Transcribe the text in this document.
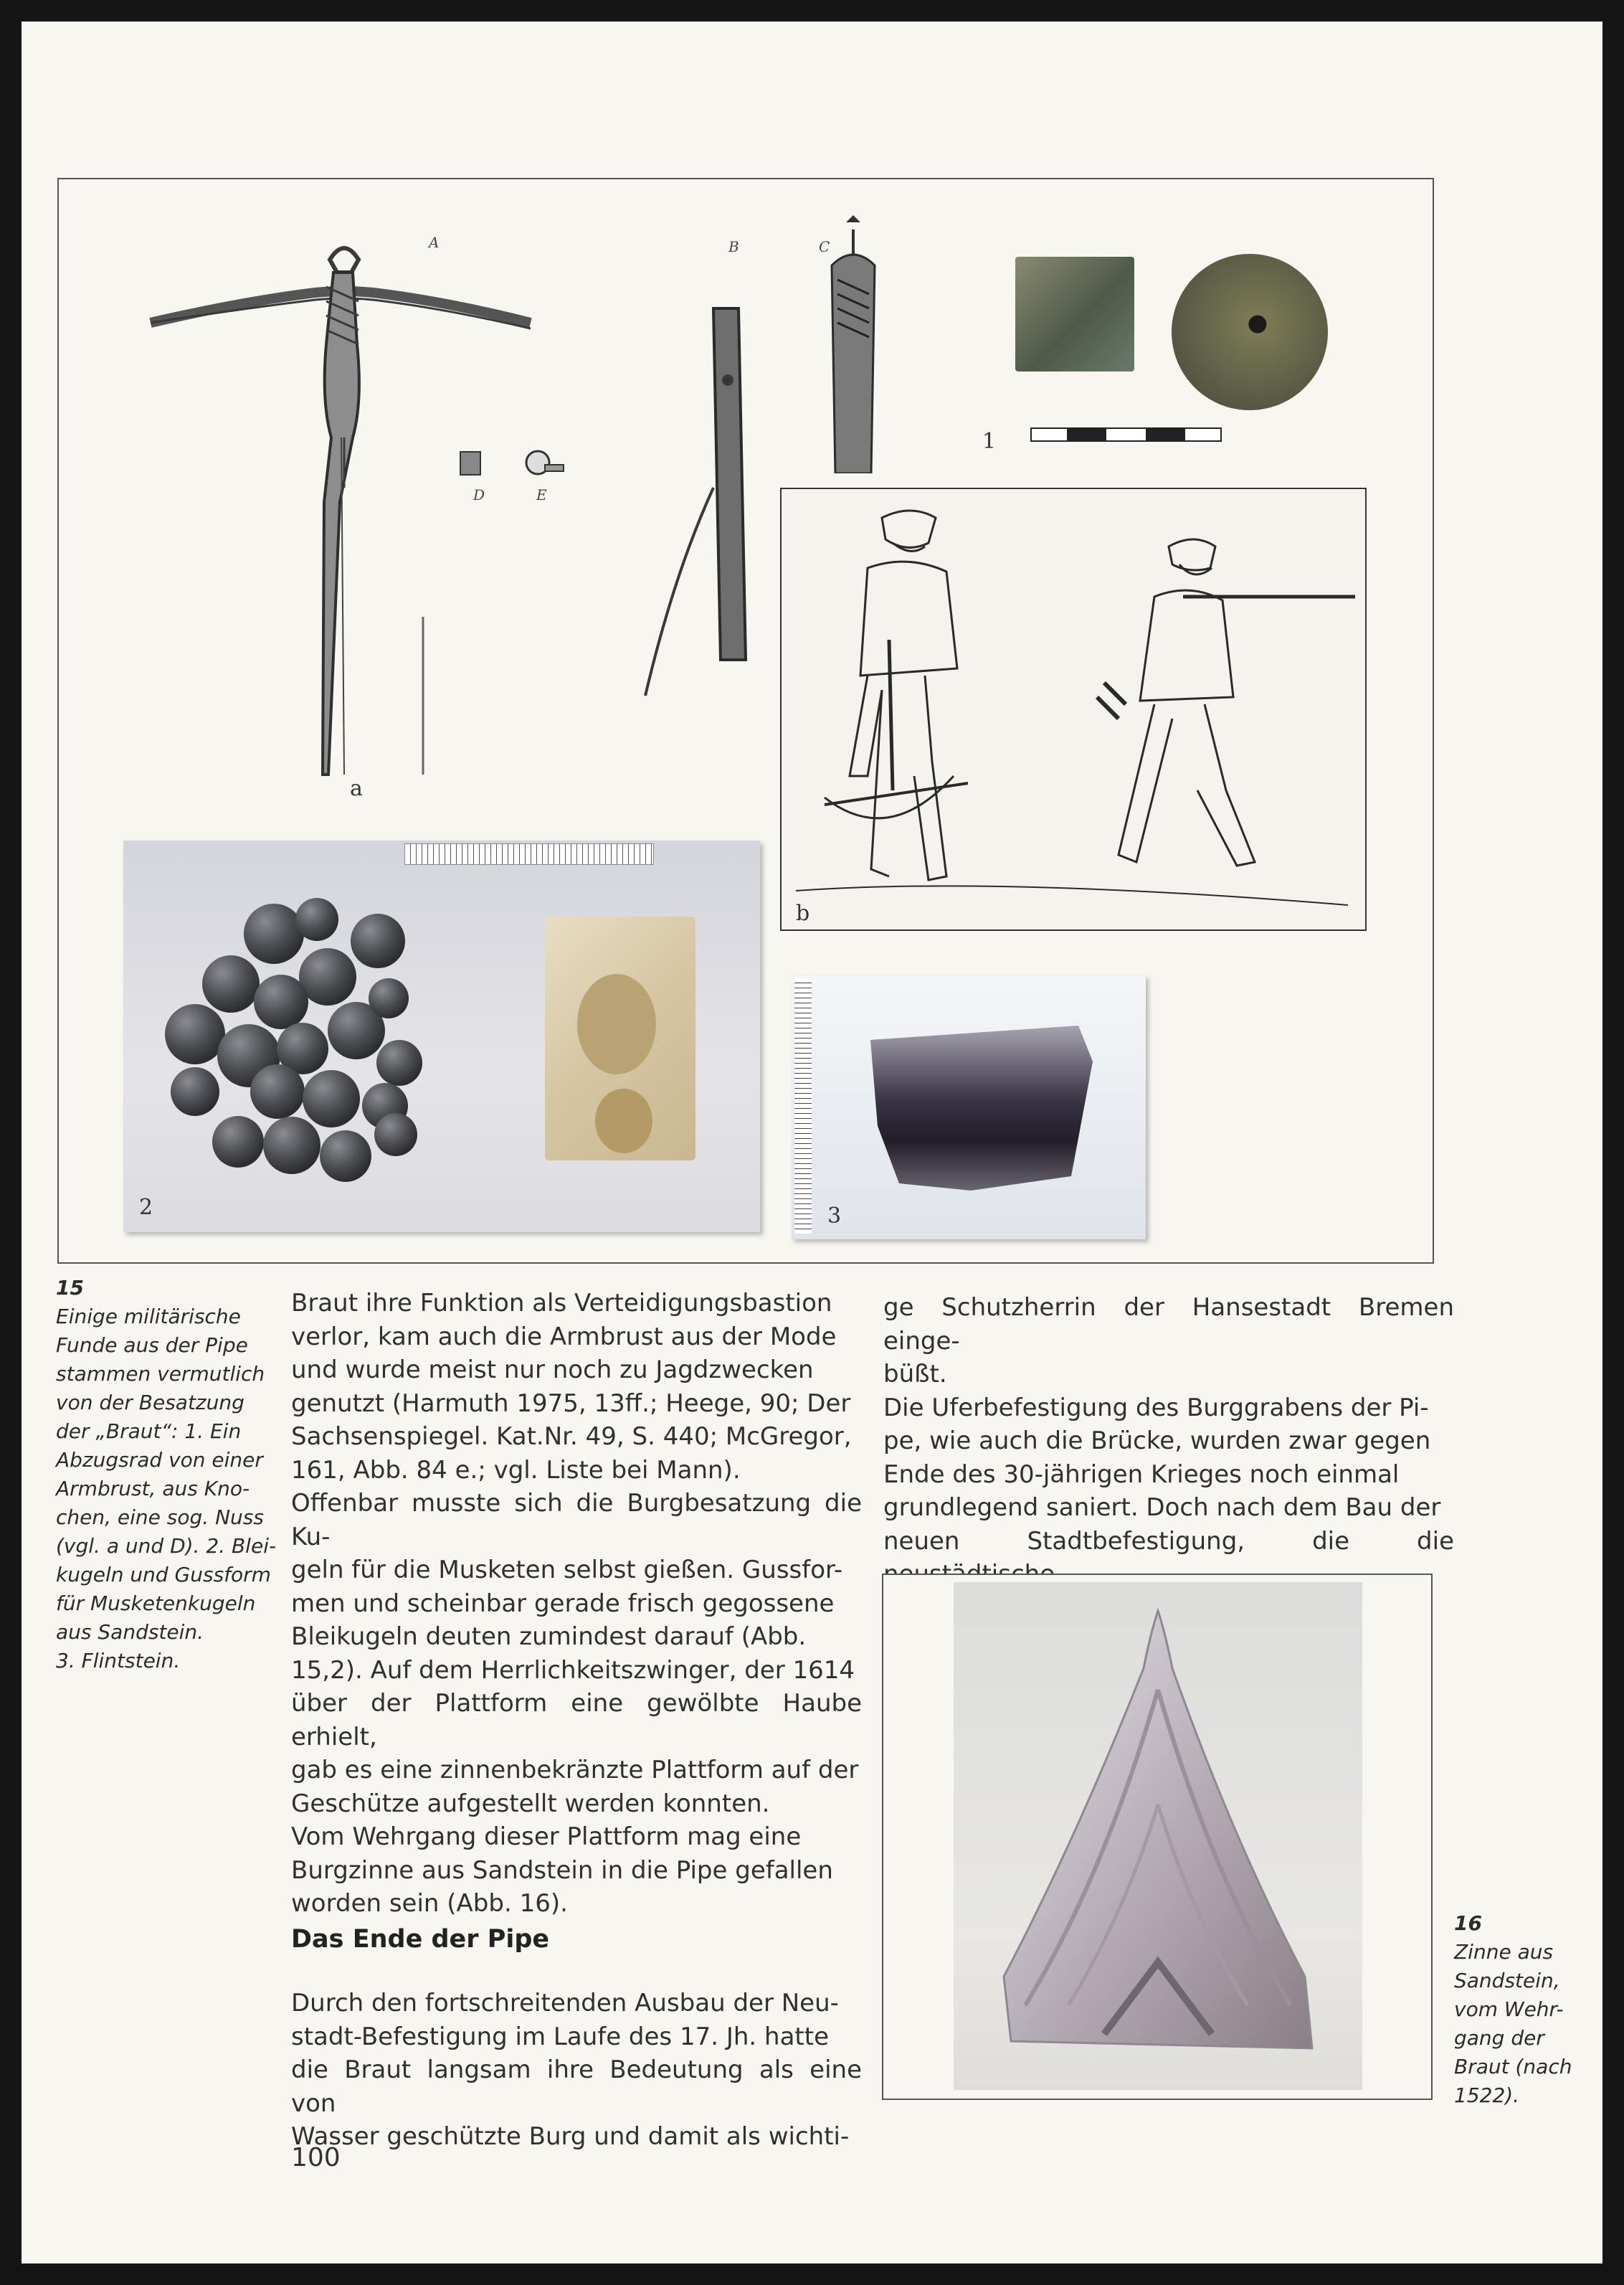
A	B	C
D	E
a
1
b
2	3
15
Einige militärische
Funde aus der Pipe
stammen vermutlich
von der Besatzung
der „Braut“: 1. Ein
Abzugsrad von einer
Armbrust, aus Kno-
chen, eine sog. Nuss
(vgl. a und D). 2. Blei-
kugeln und Gussform
für Musketenkugeln
aus Sandstein.
3. Flintstein.

Braut ihre Funktion als Verteidigungsbastion
verlor, kam auch die Armbrust aus der Mode
und wurde meist nur noch zu Jagdzwecken
genutzt (Harmuth 1975, 13ff.; Heege, 90; Der
Sachsenspiegel. Kat.Nr. 49, S. 440; McGregor,
161, Abb. 84 e.; vgl. Liste bei Mann).

Offenbar musste sich die Burgbesatzung die Ku-
geln für die Musketen selbst gießen. Gussfor-
men und scheinbar gerade frisch gegossene
Bleikugeln deuten zumindest darauf (Abb.
15,2). Auf dem Herrlichkeitszwinger, der 1614
über der Plattform eine gewölbte Haube erhielt,
gab es eine zinnenbekränzte Plattform auf der
Geschütze aufgestellt werden konnten.

Vom Wehrgang dieser Plattform mag eine
Burgzinne aus Sandstein in die Pipe gefallen
worden sein (Abb. 16).

Das Ende der Pipe

Durch den fortschreitenden Ausbau der Neu-
stadt-Befestigung im Laufe des 17. Jh. hatte
die Braut langsam ihre Bedeutung als eine von
Wasser geschützte Burg und damit als wichti-

ge Schutzherrin der Hansestadt Bremen einge-
büßt.

Die Uferbefestigung des Burggrabens der Pi-
pe, wie auch die Brücke, wurden zwar gegen
Ende des 30-jährigen Krieges noch einmal
grundlegend saniert. Doch nach dem Bau der
neuen Stadtbefestigung, die die

16
Zinne aus
Sandstein,
vom Wehr-
gang der
Braut (nach
1522).
100
